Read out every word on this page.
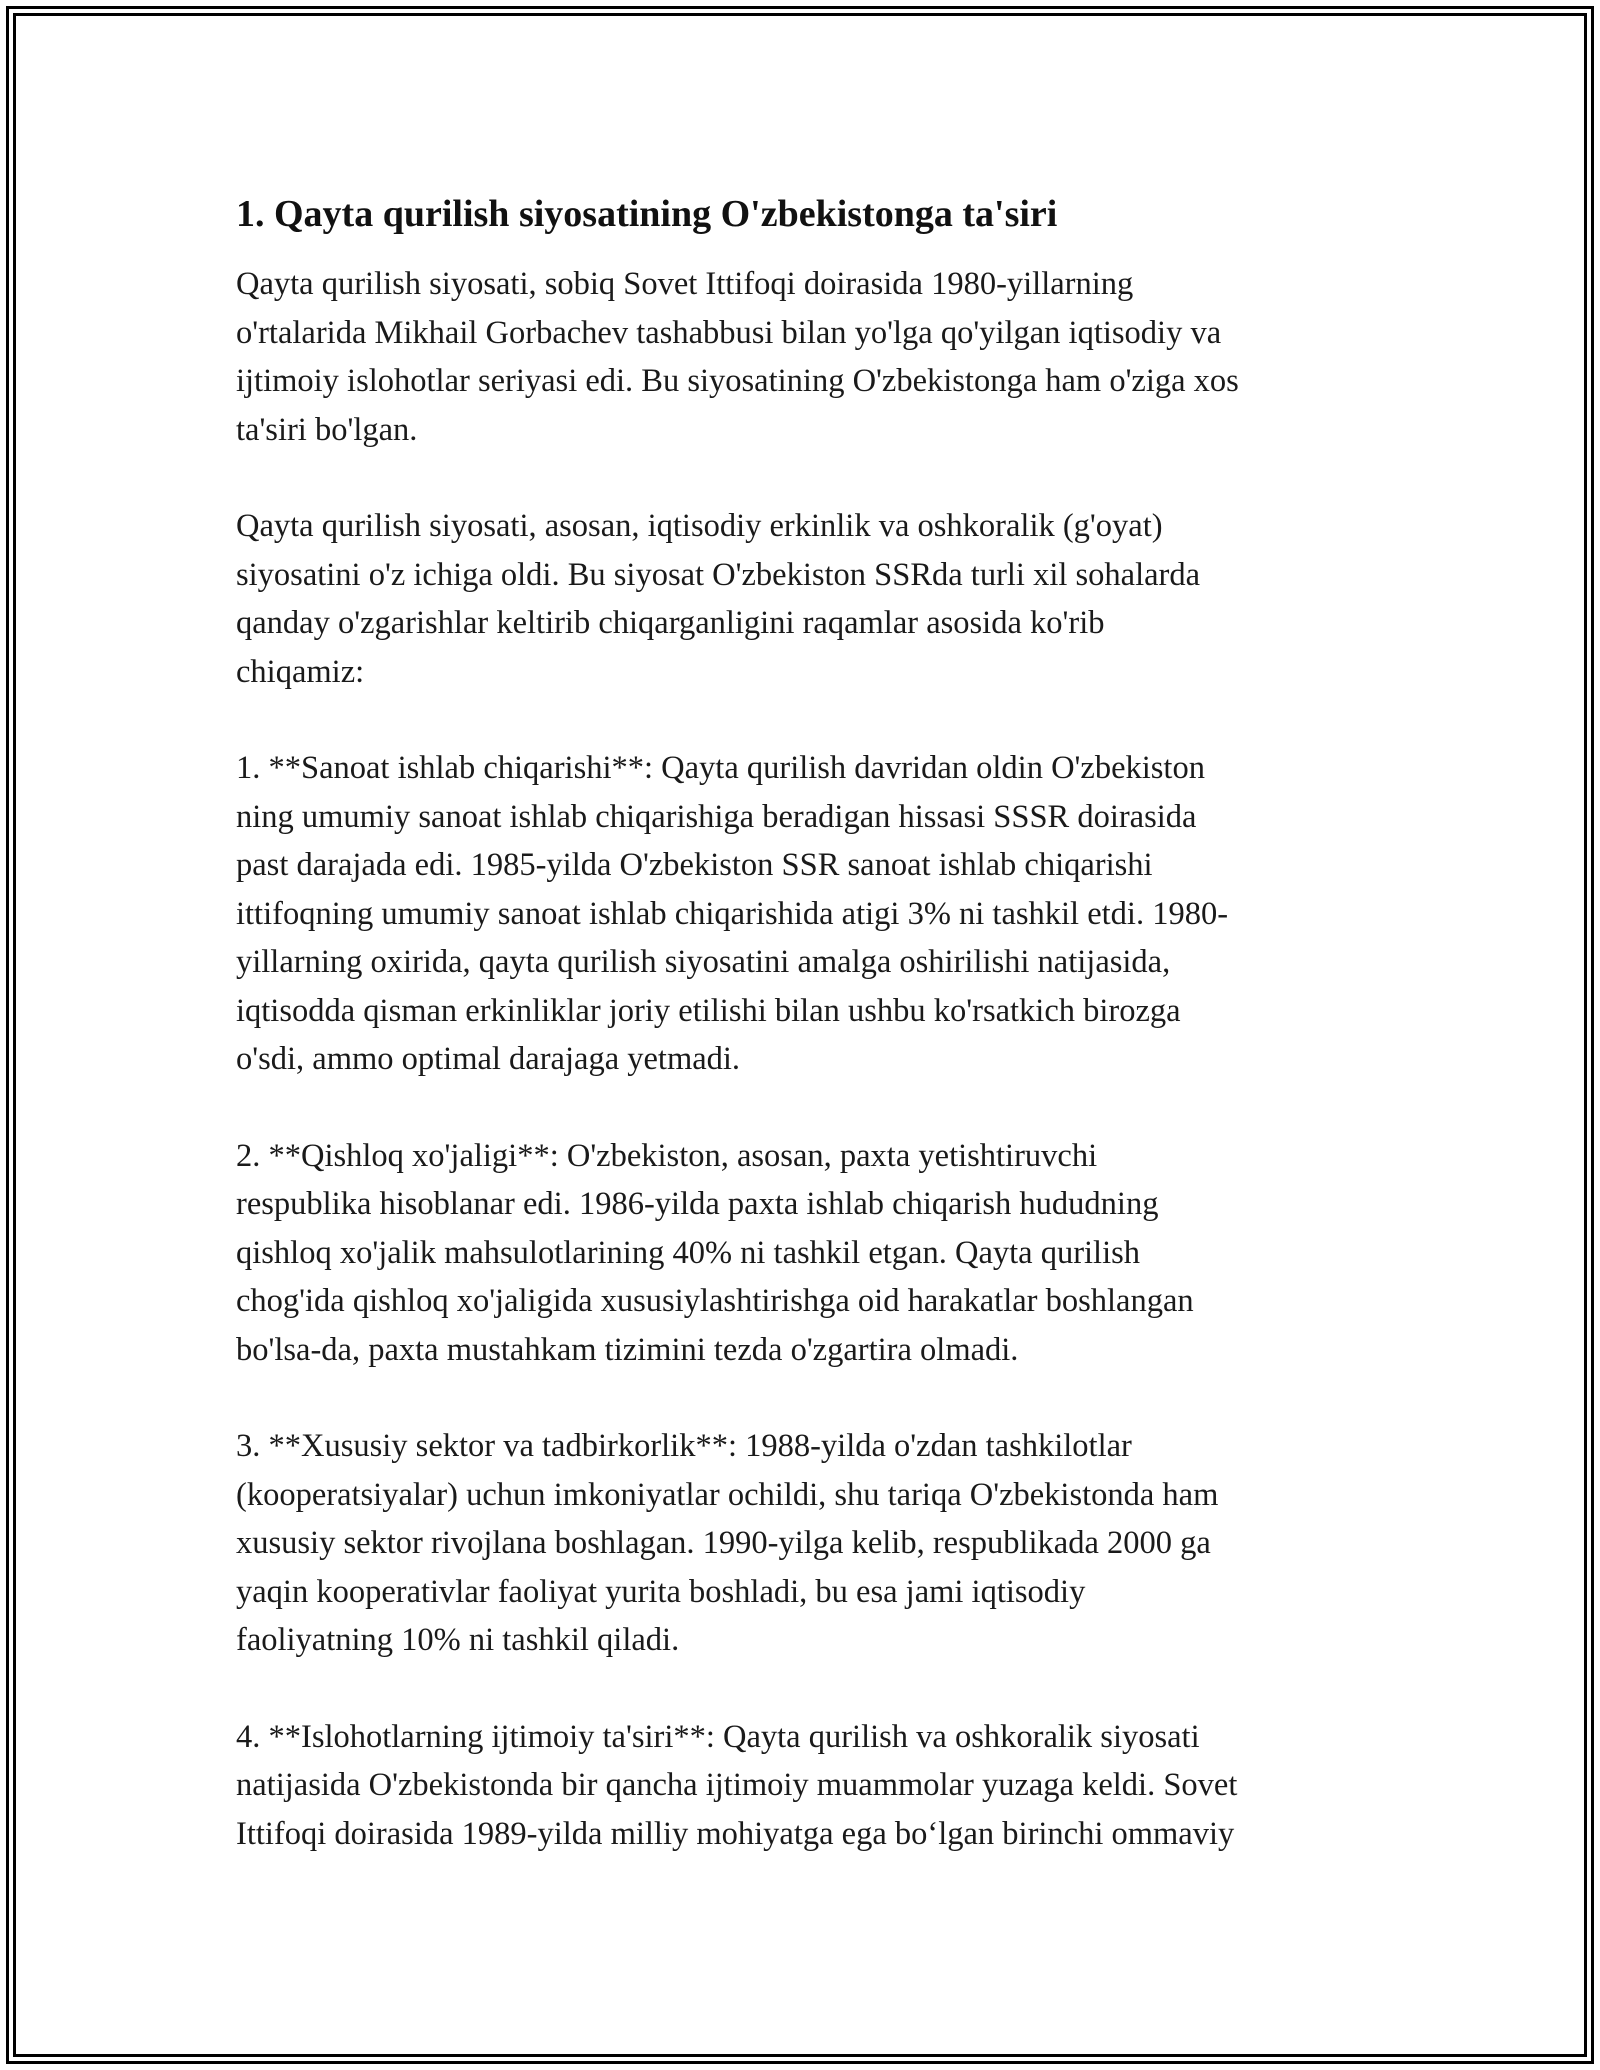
1. Qayta qurilish siyosatining O'zbekistonga ta'siri

Qayta qurilish siyosati, sobiq Sovet Ittifoqi doirasida 1980-yillarning
o'rtalarida Mikhail Gorbachev tashabbusi bilan yo'lga qo'yilgan iqtisodiy va
ijtimoiy islohotlar seriyasi edi. Bu siyosatining O'zbekistonga ham o'ziga xos
ta'siri bo'lgan.

Qayta qurilish siyosati, asosan, iqtisodiy erkinlik va oshkoralik (g'oyat)
siyosatini o'z ichiga oldi. Bu siyosat O'zbekiston SSRda turli xil sohalarda
qanday o'zgarishlar keltirib chiqarganligini raqamlar asosida ko'rib
chiqamiz:

1. **Sanoat ishlab chiqarishi**: Qayta qurilish davridan oldin O'zbekiston
ning umumiy sanoat ishlab chiqarishiga beradigan hissasi SSSR doirasida
past darajada edi. 1985-yilda O'zbekiston SSR sanoat ishlab chiqarishi
ittifoqning umumiy sanoat ishlab chiqarishida atigi 3% ni tashkil etdi. 1980-
yillarning oxirida, qayta qurilish siyosatini amalga oshirilishi natijasida,
iqtisodda qisman erkinliklar joriy etilishi bilan ushbu ko'rsatkich birozga
o'sdi, ammo optimal darajaga yetmadi.

2. **Qishloq xo'jaligi**: O'zbekiston, asosan, paxta yetishtiruvchi
respublika hisoblanar edi. 1986-yilda paxta ishlab chiqarish hududning
qishloq xo'jalik mahsulotlarining 40% ni tashkil etgan. Qayta qurilish
chog'ida qishloq xo'jaligida xususiylashtirishga oid harakatlar boshlangan
bo'lsa-da, paxta mustahkam tizimini tezda o'zgartira olmadi.

3. **Xususiy sektor va tadbirkorlik**: 1988-yilda o'zdan tashkilotlar
(kooperatsiyalar) uchun imkoniyatlar ochildi, shu tariqa O'zbekistonda ham
xususiy sektor rivojlana boshlagan. 1990-yilga kelib, respublikada 2000 ga
yaqin kooperativlar faoliyat yurita boshladi, bu esa jami iqtisodiy
faoliyatning 10% ni tashkil qiladi.

4. **Islohotlarning ijtimoiy ta'siri**: Qayta qurilish va oshkoralik siyosati
natijasida O'zbekistonda bir qancha ijtimoiy muammolar yuzaga keldi. Sovet
Ittifoqi doirasida 1989-yilda milliy mohiyatga ega bo‘lgan birinchi ommaviy
